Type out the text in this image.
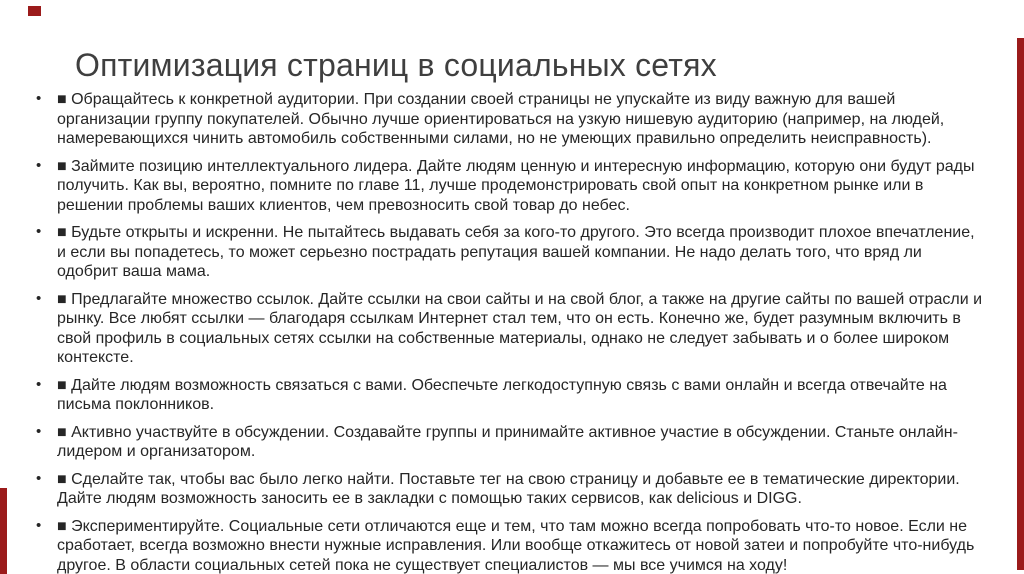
Оптимизация страниц в социальных сетях
• ■ Обращайтесь к конкретной аудитории. При создании своей страницы не упускайте из виду важную для вашей организации группу покупателей. Обычно лучше ориентироваться на узкую нишевую аудиторию (например, на людей, намеревающихся чинить автомобиль собственными силами, но не умеющих правильно определить неисправность).
• ■ Займите позицию интеллектуального лидера. Дайте людям ценную и интересную информацию, которую они будут рады получить. Как вы, вероятно, помните по главе 11, лучше продемонстрировать свой опыт на конкретном рынке или в решении проблемы ваших клиентов, чем превозносить свой товар до небес.
• ■ Будьте открыты и искренни. Не пытайтесь выдавать себя за кого-то другого. Это всегда производит плохое впечатление, и если вы попадетесь, то может серьезно пострадать репутация вашей компании. Не надо делать того, что вряд ли одобрит ваша мама.
• ■ Предлагайте множество ссылок. Дайте ссылки на свои сайты и на свой блог, а также на другие сайты по вашей отрасли и рынку. Все любят ссылки — благодаря ссылкам Интернет стал тем, что он есть. Конечно же, будет разумным включить в свой профиль в социальных сетях ссылки на собственные материалы, однако не следует забывать и о более широком контексте.
• ■ Дайте людям возможность связаться с вами. Обеспечьте легкодоступную связь с вами онлайн и всегда отвечайте на письма поклонников.
• ■ Активно участвуйте в обсуждении. Создавайте группы и принимайте активное участие в обсуждении. Станьте онлайн-лидером и организатором.
• ■ Сделайте так, чтобы вас было легко найти. Поставьте тег на свою страницу и добавьте ее в тематические директории. Дайте людям возможность заносить ее в закладки с помощью таких сервисов, как delicious и DIGG.
• ■ Экспериментируйте. Социальные сети отличаются еще и тем, что там можно всегда попробовать что-то новое. Если не сработает, всегда возможно внести нужные исправления. Или вообще откажитесь от новой затеи и попробуйте что-нибудь другое. В области социальных сетей пока не существует специалистов — мы все учимся на ходу!
